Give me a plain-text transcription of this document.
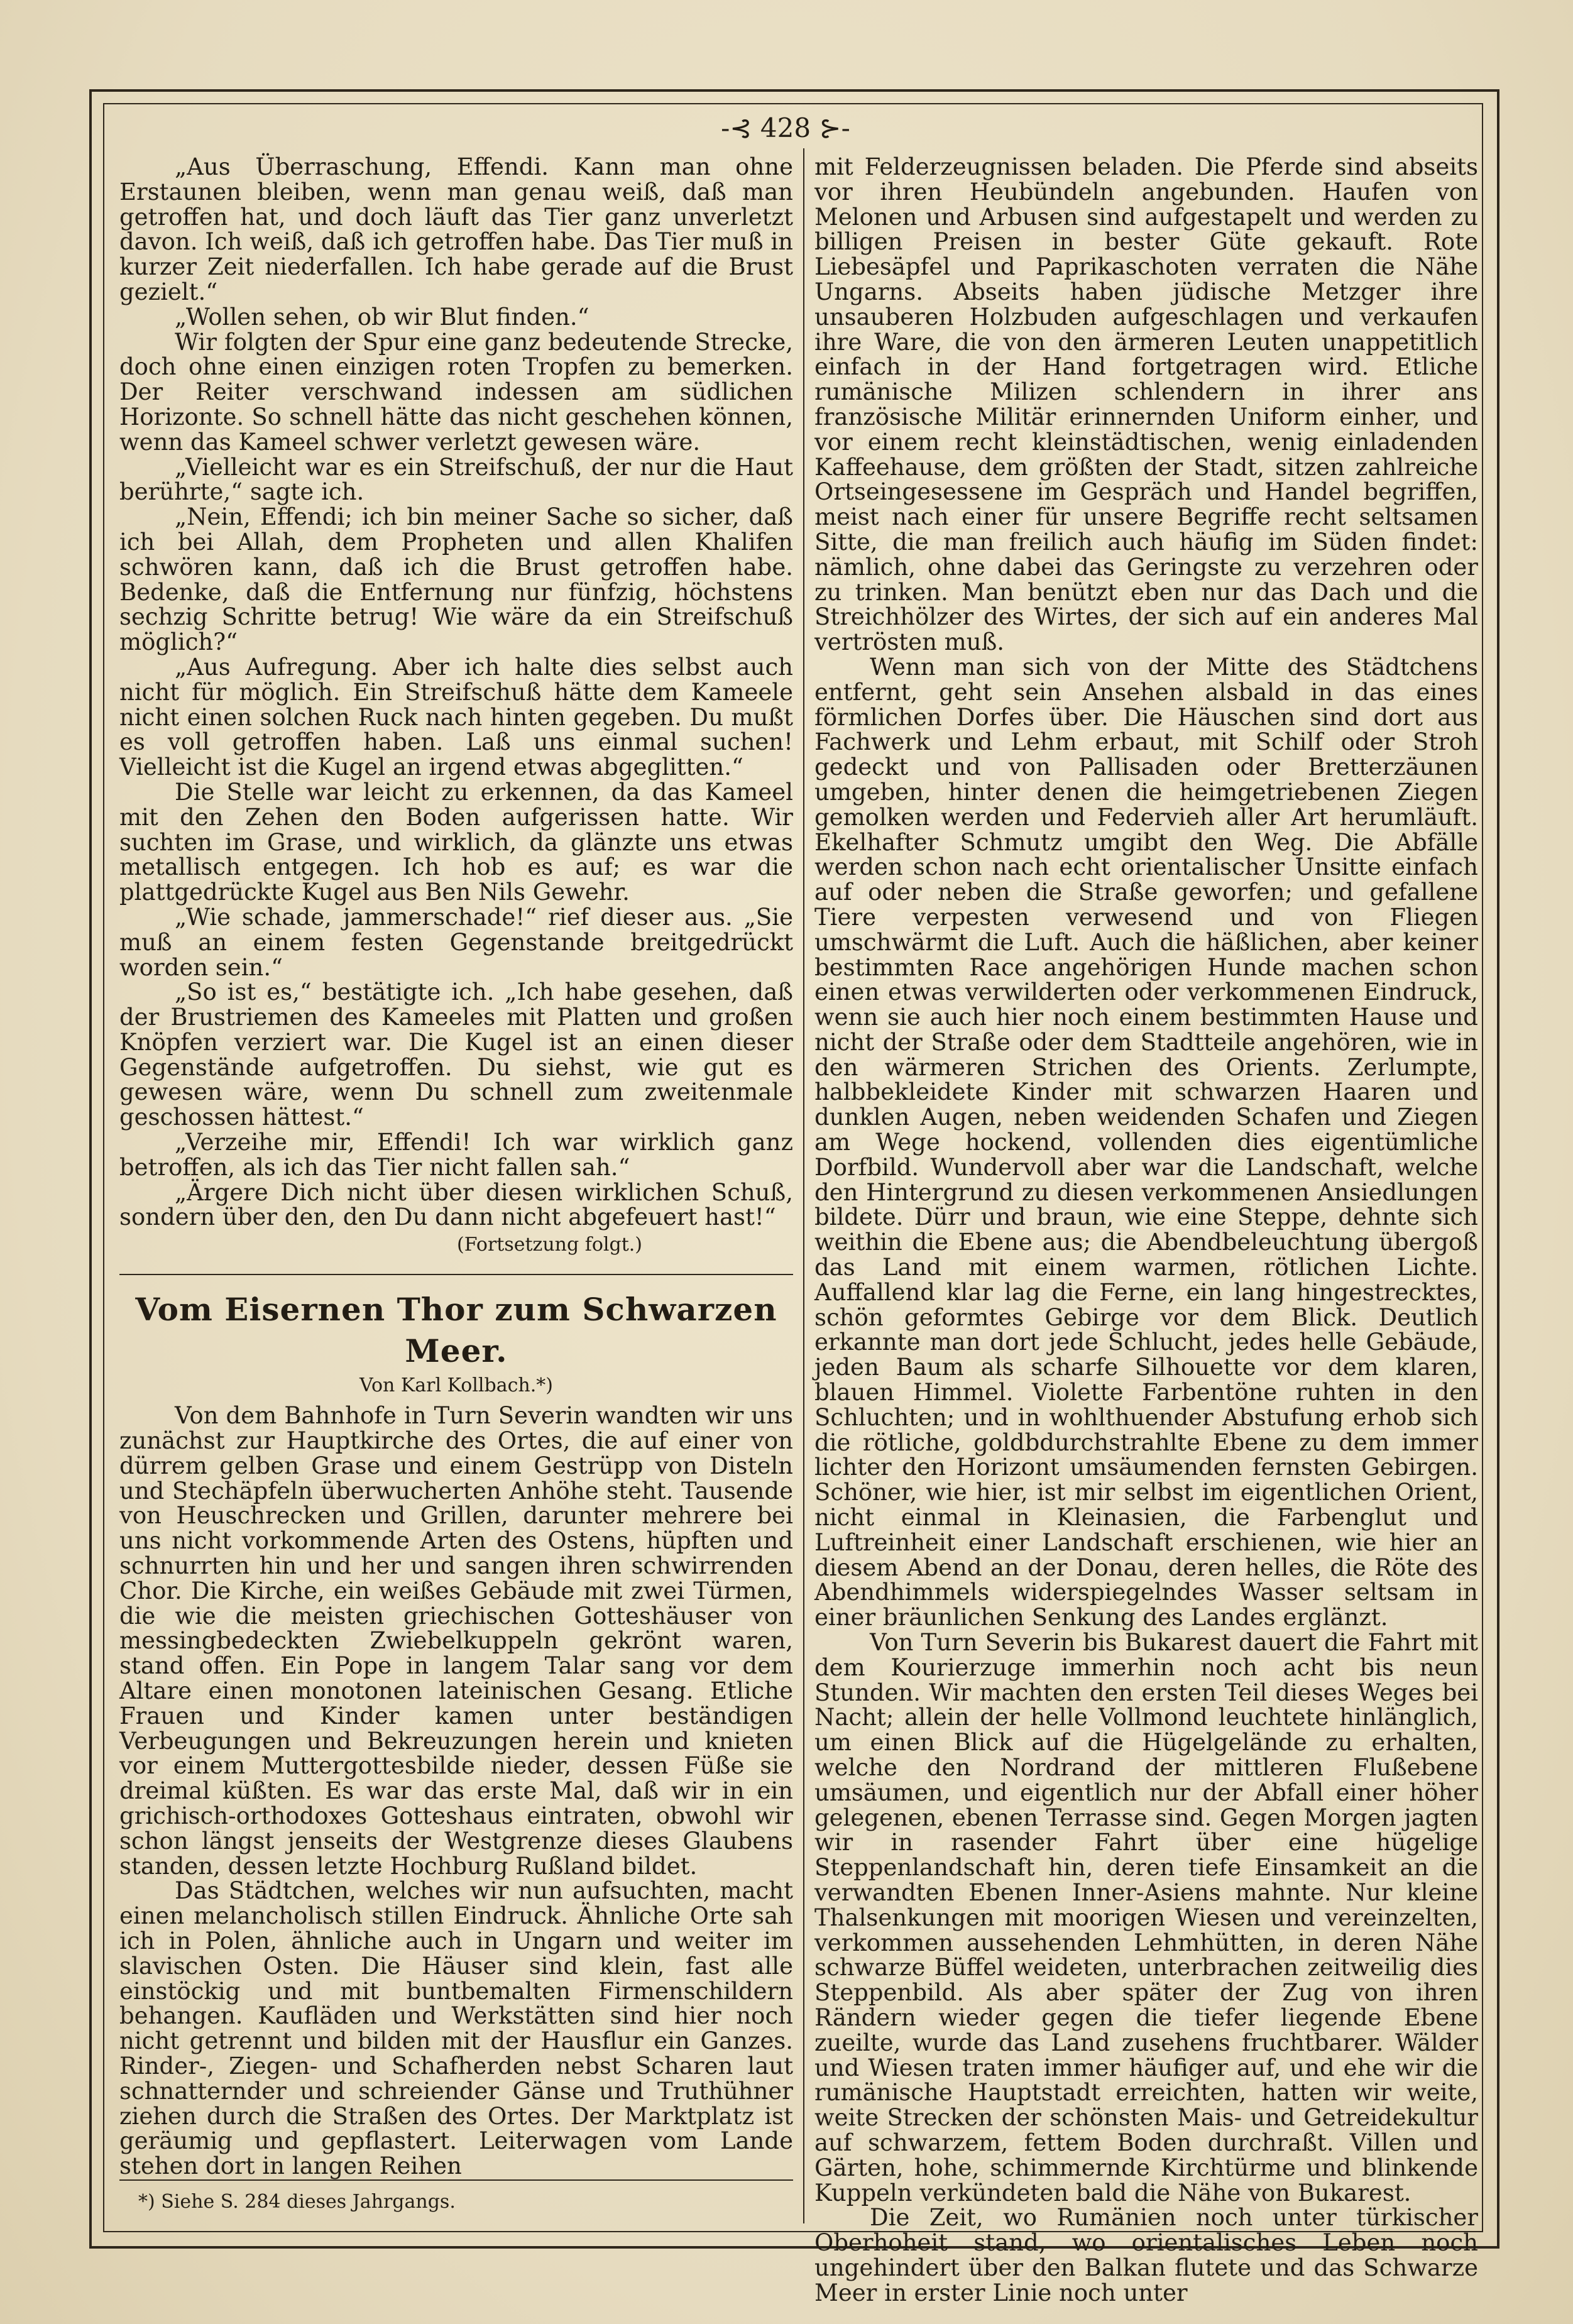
-⊰ 428 ⊱-

„Aus Überraschung, Effendi. Kann man ohne Erstaunen bleiben, wenn man genau weiß, daß man getroffen hat, und doch läuft das Tier ganz unverletzt davon. Ich weiß, daß ich getroffen habe. Das Tier muß in kurzer Zeit niederfallen. Ich habe gerade auf die Brust gezielt.“

„Wollen sehen, ob wir Blut finden.“

Wir folgten der Spur eine ganz bedeutende Strecke, doch ohne einen einzigen roten Tropfen zu bemerken. Der Reiter verschwand indessen am südlichen Horizonte. So schnell hätte das nicht geschehen können, wenn das Kameel schwer verletzt gewesen wäre.

„Vielleicht war es ein Streifschuß, der nur die Haut berührte,“ sagte ich.

„Nein, Effendi; ich bin meiner Sache so sicher, daß ich bei Allah, dem Propheten und allen Khalifen schwören kann, daß ich die Brust getroffen habe. Bedenke, daß die Entfernung nur fünfzig, höchstens sechzig Schritte betrug! Wie wäre da ein Streifschuß möglich?“

„Aus Aufregung. Aber ich halte dies selbst auch nicht für möglich. Ein Streifschuß hätte dem Kameele nicht einen solchen Ruck nach hinten gegeben. Du mußt es voll getroffen haben. Laß uns einmal suchen! Vielleicht ist die Kugel an irgend etwas abgeglitten.“

Die Stelle war leicht zu erkennen, da das Kameel mit den Zehen den Boden aufgerissen hatte. Wir suchten im Grase, und wirklich, da glänzte uns etwas metallisch entgegen. Ich hob es auf; es war die plattgedrückte Kugel aus Ben Nils Gewehr.

„Wie schade, jammerschade!“ rief dieser aus. „Sie muß an einem festen Gegenstande breitgedrückt worden sein.“

„So ist es,“ bestätigte ich. „Ich habe gesehen, daß der Brustriemen des Kameeles mit Platten und großen Knöpfen verziert war. Die Kugel ist an einen dieser Gegenstände aufgetroffen. Du siehst, wie gut es gewesen wäre, wenn Du schnell zum zweitenmale geschossen hättest.“

„Verzeihe mir, Effendi! Ich war wirklich ganz betroffen, als ich das Tier nicht fallen sah.“

„Ärgere Dich nicht über diesen wirklichen Schuß, sondern über den, den Du dann nicht abgefeuert hast!“

(Fortsetzung folgt.)
Vom Eisernen Thor zum Schwarzen Meer.
Von Karl Kollbach.*)

Von dem Bahnhofe in Turn Severin wandten wir uns zunächst zur Hauptkirche des Ortes, die auf einer von dürrem gelben Grase und einem Gestrüpp von Disteln und Stechäpfeln überwucherten Anhöhe steht. Tausende von Heuschrecken und Grillen, darunter mehrere bei uns nicht vorkommende Arten des Ostens, hüpften und schnurrten hin und her und sangen ihren schwirrenden Chor. Die Kirche, ein weißes Gebäude mit zwei Türmen, die wie die meisten griechischen Gotteshäuser von messingbedeckten Zwiebelkuppeln gekrönt waren, stand offen. Ein Pope in langem Talar sang vor dem Altare einen monotonen lateinischen Gesang. Etliche Frauen und Kinder kamen unter beständigen Verbeugungen und Bekreuzungen herein und knieten vor einem Muttergottesbilde nieder, dessen Füße sie dreimal küßten. Es war das erste Mal, daß wir in ein grichisch-orthodoxes Gotteshaus eintraten, obwohl wir schon längst jenseits der Westgrenze dieses Glaubens standen, dessen letzte Hochburg Rußland bildet.

Das Städtchen, welches wir nun aufsuchten, macht einen melancholisch stillen Eindruck. Ähnliche Orte sah ich in Polen, ähnliche auch in Ungarn und weiter im slavischen Osten. Die Häuser sind klein, fast alle einstöckig und mit buntbemalten Firmenschildern behangen. Kaufläden und Werkstätten sind hier noch nicht getrennt und bilden mit der Hausflur ein Ganzes. Rinder-, Ziegen- und Schafherden nebst Scharen laut schnatternder und schreiender Gänse und Truthühner ziehen durch die Straßen des Ortes. Der Marktplatz ist geräumig und gepflastert. Leiterwagen vom Lande stehen dort in langen Reihen

mit Felderzeugnissen beladen. Die Pferde sind abseits vor ihren Heubündeln angebunden. Haufen von Melonen und Arbusen sind aufgestapelt und werden zu billigen Preisen in bester Güte gekauft. Rote Liebesäpfel und Paprikaschoten verraten die Nähe Ungarns. Abseits haben jüdische Metzger ihre unsauberen Holzbuden aufgeschlagen und verkaufen ihre Ware, die von den ärmeren Leuten unappetitlich einfach in der Hand fortgetragen wird. Etliche rumänische Milizen schlendern in ihrer ans französische Militär erinnernden Uniform einher, und vor einem recht kleinstädtischen, wenig einladenden Kaffeehause, dem größten der Stadt, sitzen zahlreiche Ortseingesessene im Gespräch und Handel begriffen, meist nach einer für unsere Begriffe recht seltsamen Sitte, die man freilich auch häufig im Süden findet: nämlich, ohne dabei das Geringste zu verzehren oder zu trinken. Man benützt eben nur das Dach und die Streichhölzer des Wirtes, der sich auf ein anderes Mal vertrösten muß.

Wenn man sich von der Mitte des Städtchens entfernt, geht sein Ansehen alsbald in das eines förmlichen Dorfes über. Die Häuschen sind dort aus Fachwerk und Lehm erbaut, mit Schilf oder Stroh gedeckt und von Pallisaden oder Bretterzäunen umgeben, hinter denen die heimgetriebenen Ziegen gemolken werden und Federvieh aller Art herumläuft. Ekelhafter Schmutz umgibt den Weg. Die Abfälle werden schon nach echt orientalischer Unsitte einfach auf oder neben die Straße geworfen; und gefallene Tiere verpesten verwesend und von Fliegen umschwärmt die Luft. Auch die häßlichen, aber keiner bestimmten Race angehörigen Hunde machen schon einen etwas verwilderten oder verkommenen Eindruck, wenn sie auch hier noch einem bestimmten Hause und nicht der Straße oder dem Stadtteile angehören, wie in den wärmeren Strichen des Orients. Zerlumpte, halbbekleidete Kinder mit schwarzen Haaren und dunklen Augen, neben weidenden Schafen und Ziegen am Wege hockend, vollenden dies eigentümliche Dorfbild. Wundervoll aber war die Landschaft, welche den Hintergrund zu diesen verkommenen Ansiedlungen bildete. Dürr und braun, wie eine Steppe, dehnte sich weithin die Ebene aus; die Abendbeleuchtung übergoß das Land mit einem warmen, rötlichen Lichte. Auffallend klar lag die Ferne, ein lang hingestrecktes, schön geformtes Gebirge vor dem Blick. Deutlich erkannte man dort jede Schlucht, jedes helle Gebäude, jeden Baum als scharfe Silhouette vor dem klaren, blauen Himmel. Violette Farbentöne ruhten in den Schluchten; und in wohlthuender Abstufung erhob sich die rötliche, goldbdurchstrahlte Ebene zu dem immer lichter den Horizont umsäumenden fernsten Gebirgen. Schöner, wie hier, ist mir selbst im eigentlichen Orient, nicht einmal in Kleinasien, die Farbenglut und Luftreinheit einer Landschaft erschienen, wie hier an diesem Abend an der Donau, deren helles, die Röte des Abendhimmels widerspiegelndes Wasser seltsam in einer bräunlichen Senkung des Landes erglänzt.

Von Turn Severin bis Bukarest dauert die Fahrt mit dem Kourierzuge immerhin noch acht bis neun Stunden. Wir machten den ersten Teil dieses Weges bei Nacht; allein der helle Vollmond leuchtete hinlänglich, um einen Blick auf die Hügelgelände zu erhalten, welche den Nordrand der mittleren Flußebene umsäumen, und eigentlich nur der Abfall einer höher gelegenen, ebenen Terrasse sind. Gegen Morgen jagten wir in rasender Fahrt über eine hügelige Steppenlandschaft hin, deren tiefe Einsamkeit an die verwandten Ebenen Inner-Asiens mahnte. Nur kleine Thalsenkungen mit moorigen Wiesen und vereinzelten, verkommen aussehenden Lehmhütten, in deren Nähe schwarze Büffel weideten, unterbrachen zeitweilig dies Steppenbild. Als aber später der Zug von ihren Rändern wieder gegen die tiefer liegende Ebene zueilte, wurde das Land zusehens fruchtbarer. Wälder und Wiesen traten immer häufiger auf, und ehe wir die rumänische Hauptstadt erreichten, hatten wir weite, weite Strecken der schönsten Mais- und Getreidekultur auf schwarzem, fettem Boden durchraßt. Villen und Gärten, hohe, schimmernde Kirchtürme und blinkende Kuppeln verkündeten bald die Nähe von Bukarest.

Die Zeit, wo Rumänien noch unter türkischer Oberhoheit stand, wo orientalisches Leben noch ungehindert über den Balkan flutete und das Schwarze Meer in erster Linie noch unter

*) Siehe S. 284 dieses Jahrgangs.
